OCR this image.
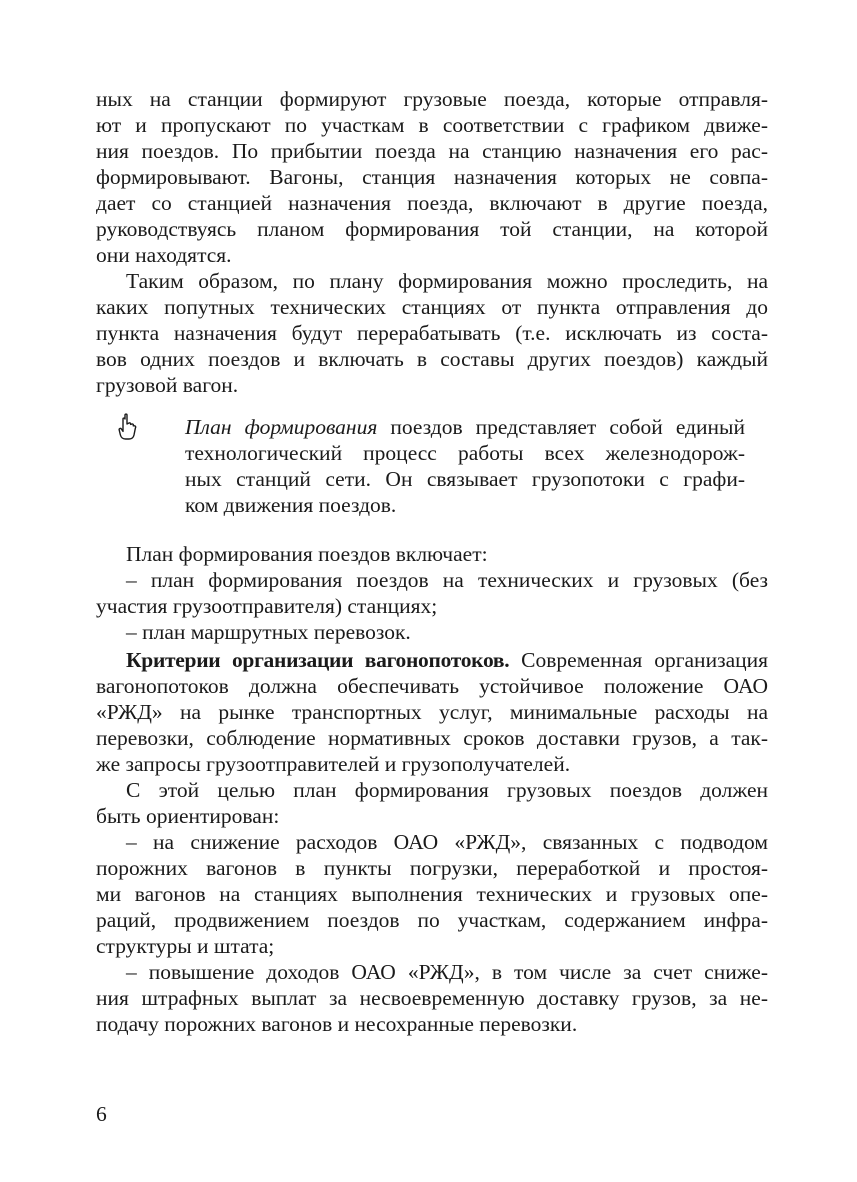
ных на станции формируют грузовые поезда, которые отправля-
ют и пропускают по участкам в соответствии с графиком движе-
ния поездов. По прибытии поезда на станцию назначения его рас-
формировывают. Вагоны, станция назначения которых не совпа-
дает со станцией назначения поезда, включают в другие поезда,
руководствуясь планом формирования той станции, на которой
они находятся.
Таким образом, по плану формирования можно проследить, на
каких попутных технических станциях от пункта отправления до
пункта назначения будут перерабатывать (т.е. исключать из соста-
вов одних поездов и включать в составы других поездов) каждый
грузовой вагон.
План формирования поездов представляет собой единый
технологический процесс работы всех железнодорож-
ных станций сети. Он связывает грузопотоки с графи-
ком движения поездов.
План формирования поездов включает:
– план формирования поездов на технических и грузовых (без
участия грузоотправителя) станциях;
– план маршрутных перевозок.
Критерии организации вагонопотоков. Современная организация
вагонопотоков должна обеспечивать устойчивое положение ОАО
«РЖД» на рынке транспортных услуг, минимальные расходы на
перевозки, соблюдение нормативных сроков доставки грузов, а так-
же запросы грузоотправителей и грузополучателей.
С этой целью план формирования грузовых поездов должен
быть ориентирован:
– на снижение расходов ОАО «РЖД», связанных с подводом
порожних вагонов в пункты погрузки, переработкой и простоя-
ми вагонов на станциях выполнения технических и грузовых опе-
раций, продвижением поездов по участкам, содержанием инфра-
структуры и штата;
– повышение доходов ОАО «РЖД», в том числе за счет сниже-
ния штрафных выплат за несвоевременную доставку грузов, за не-
подачу порожних вагонов и несохранные перевозки.
6
